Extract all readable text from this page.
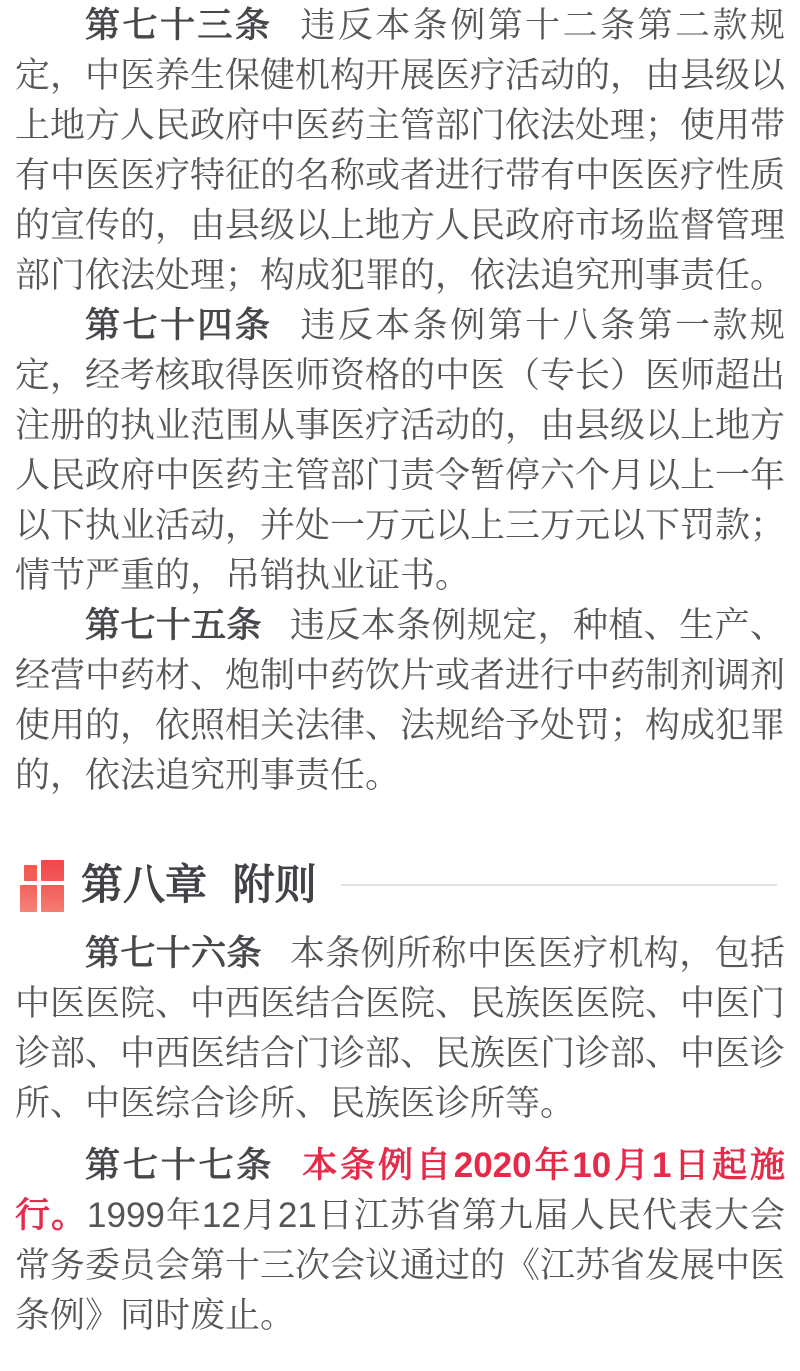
第七十三条 违反本条例第十二条第二款规定，中医养生保健机构开展医疗活动的，由县级以上地方人民政府中医药主管部门依法处理；使用带有中医医疗特征的名称或者进行带有中医医疗性质的宣传的，由县级以上地方人民政府市场监督管理部门依法处理；构成犯罪的，依法追究刑事责任。

第七十四条 违反本条例第十八条第一款规定，经考核取得医师资格的中医（专长）医师超出注册的执业范围从事医疗活动的，由县级以上地方人民政府中医药主管部门责令暂停六个月以上一年以下执业活动，并处一万元以上三万元以下罚款；情节严重的，吊销执业证书。

第七十五条 违反本条例规定，种植、生产、经营中药材、炮制中药饮片或者进行中药制剂调剂使用的，依照相关法律、法规给予处罚；构成犯罪的，依法追究刑事责任。

第八章 附则

第七十六条 本条例所称中医医疗机构，包括中医医院、中西医结合医院、民族医医院、中医门诊部、中西医结合门诊部、民族医门诊部、中医诊所、中医综合诊所、民族医诊所等。

第七十七条 本条例自2020年10月1日起施行。1999年12月21日江苏省第九届人民代表大会常务委员会第十三次会议通过的《江苏省发展中医条例》同时废止。
